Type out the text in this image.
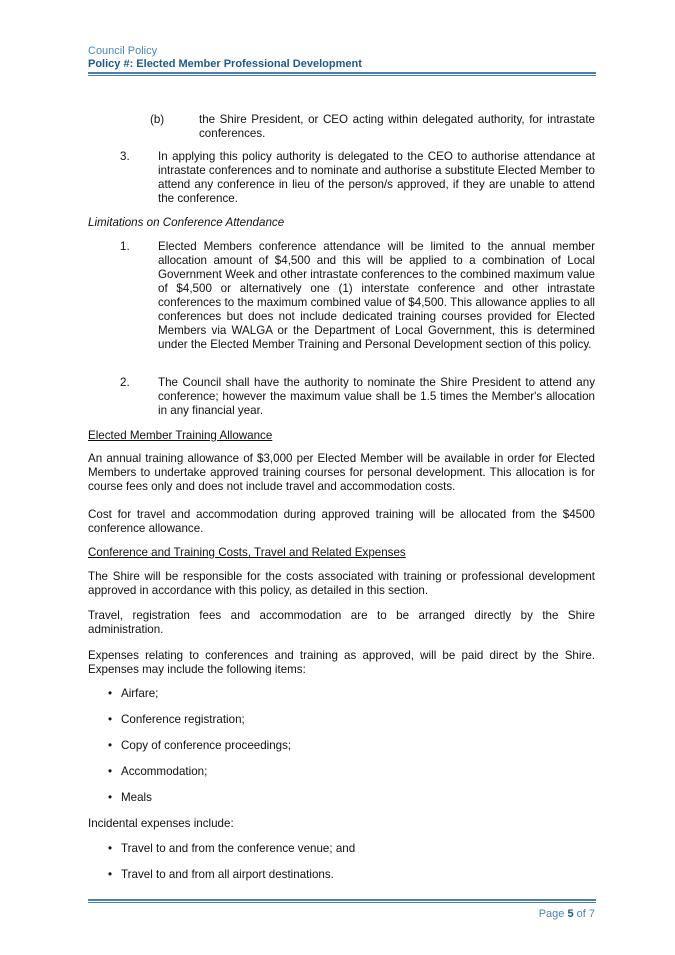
Council Policy
Policy #: Elected Member Professional Development
(b)	the Shire President, or CEO acting within delegated authority, for intrastate conferences.
3. In applying this policy authority is delegated to the CEO to authorise attendance at intrastate conferences and to nominate and authorise a substitute Elected Member to attend any conference in lieu of the person/s approved, if they are unable to attend the conference.
Limitations on Conference Attendance
1. Elected Members conference attendance will be limited to the annual member allocation amount of $4,500 and this will be applied to a combination of Local Government Week and other intrastate conferences to the combined maximum value of $4,500 or alternatively one (1) interstate conference and other intrastate conferences to the maximum combined value of $4,500. This allowance applies to all conferences but does not include dedicated training courses provided for Elected Members via WALGA or the Department of Local Government, this is determined under the Elected Member Training and Personal Development section of this policy.
2. The Council shall have the authority to nominate the Shire President to attend any conference; however the maximum value shall be 1.5 times the Member's allocation in any financial year.
Elected Member Training Allowance
An annual training allowance of $3,000 per Elected Member will be available in order for Elected Members to undertake approved training courses for personal development. This allocation is for course fees only and does not include travel and accommodation costs.
Cost for travel and accommodation during approved training will be allocated from the $4500 conference allowance.
Conference and Training Costs, Travel and Related Expenses
The Shire will be responsible for the costs associated with training or professional development approved in accordance with this policy, as detailed in this section.
Travel, registration fees and accommodation are to be arranged directly by the Shire administration.
Expenses relating to conferences and training as approved, will be paid direct by the Shire. Expenses may include the following items:
• Airfare;
• Conference registration;
• Copy of conference proceedings;
• Accommodation;
• Meals
Incidental expenses include:
• Travel to and from the conference venue; and
• Travel to and from all airport destinations.
Page 5 of 7
